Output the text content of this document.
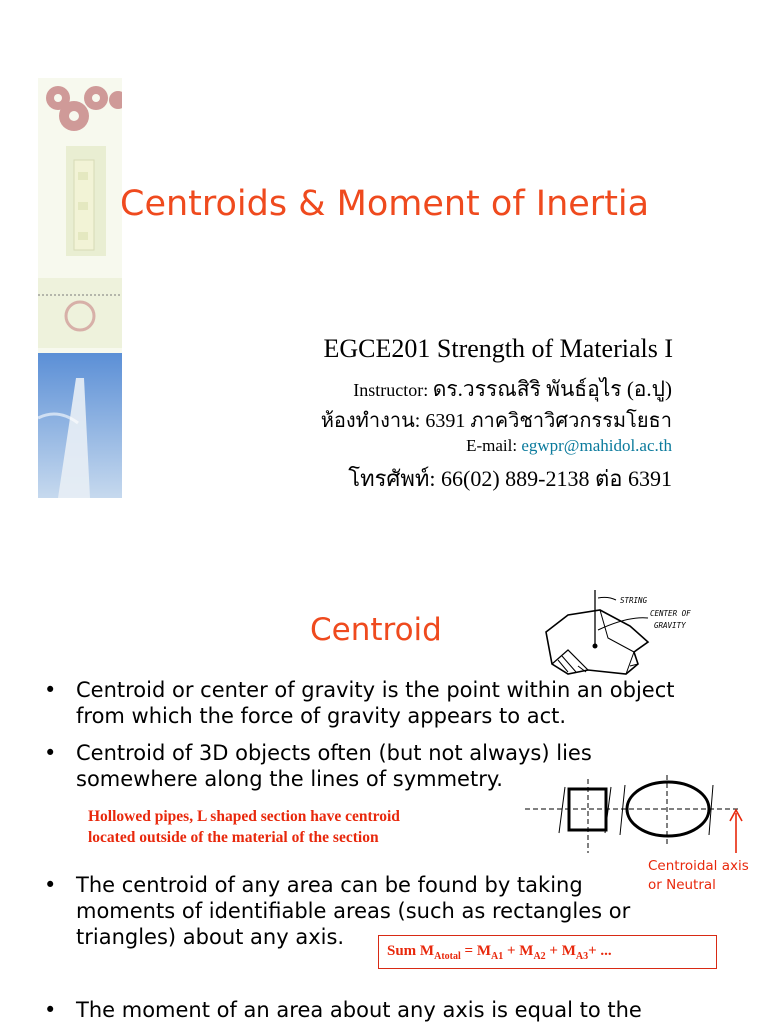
Centroids & Moment of Inertia
EGCE201 Strength of Materials I
Instructor: ดร.วรรณสิริ พันธ์อุไร (อ.ปู)
ห้องทำงาน: 6391 ภาควิชาวิศวกรรมโยธา
E-mail: egwpr@mahidol.ac.th
โทรศัพท์: 66(02) 889-2138 ต่อ 6391
Centroid
STRING
CENTER OF
GRAVITY
• Centroid or center of gravity is the point within an object
from which the force of gravity appears to act.
• Centroid of 3D objects often (but not always) lies
somewhere along the lines of symmetry.
Hollowed pipes, L shaped section have centroid
located outside of the material of the section
Centroidal axis
or Neutral
• The centroid of any area can be found by taking
moments of identifiable areas (such as rectangles or
triangles) about any axis.
Sum $M_{Atotal} = M_{A1} + M_{A2} + M_{A3}+$ ...
• The moment of an area about any axis is equal to the
